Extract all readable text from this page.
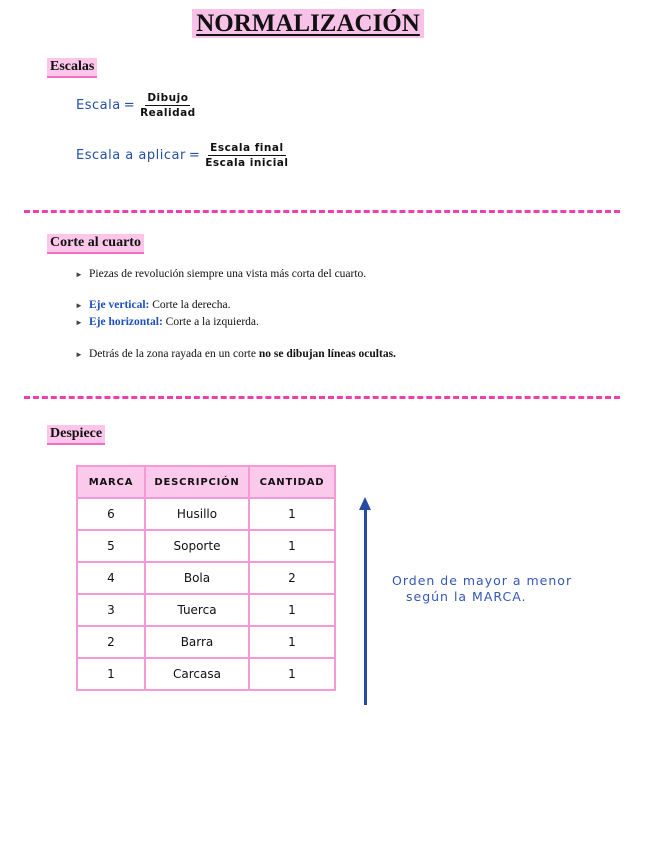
NORMALIZACIÓN
Escalas
Escala = $\frac{\text{Dibujo}}{\text{Realidad}}$
Escala a aplicar = $\frac{\text{Escala final}}{\text{Escala inicial}}$
Corte al cuarto
► Piezas de revolución siempre una vista más corta del cuarto.
► Eje vertical: Corte la derecha.
► Eje horizontal: Corte a la izquierda.
► Detrás de la zona rayada en un corte no se dibujan líneas ocultas.
Despiece
MARCA	DESCRIPCIÓN	CANTIDAD
6	Husillo	1
5	Soporte	1
4	Bola	2
3	Tuerca	1
2	Barra	1
1	Carcasa	1
Orden de mayor a menor
según la MARCA.
